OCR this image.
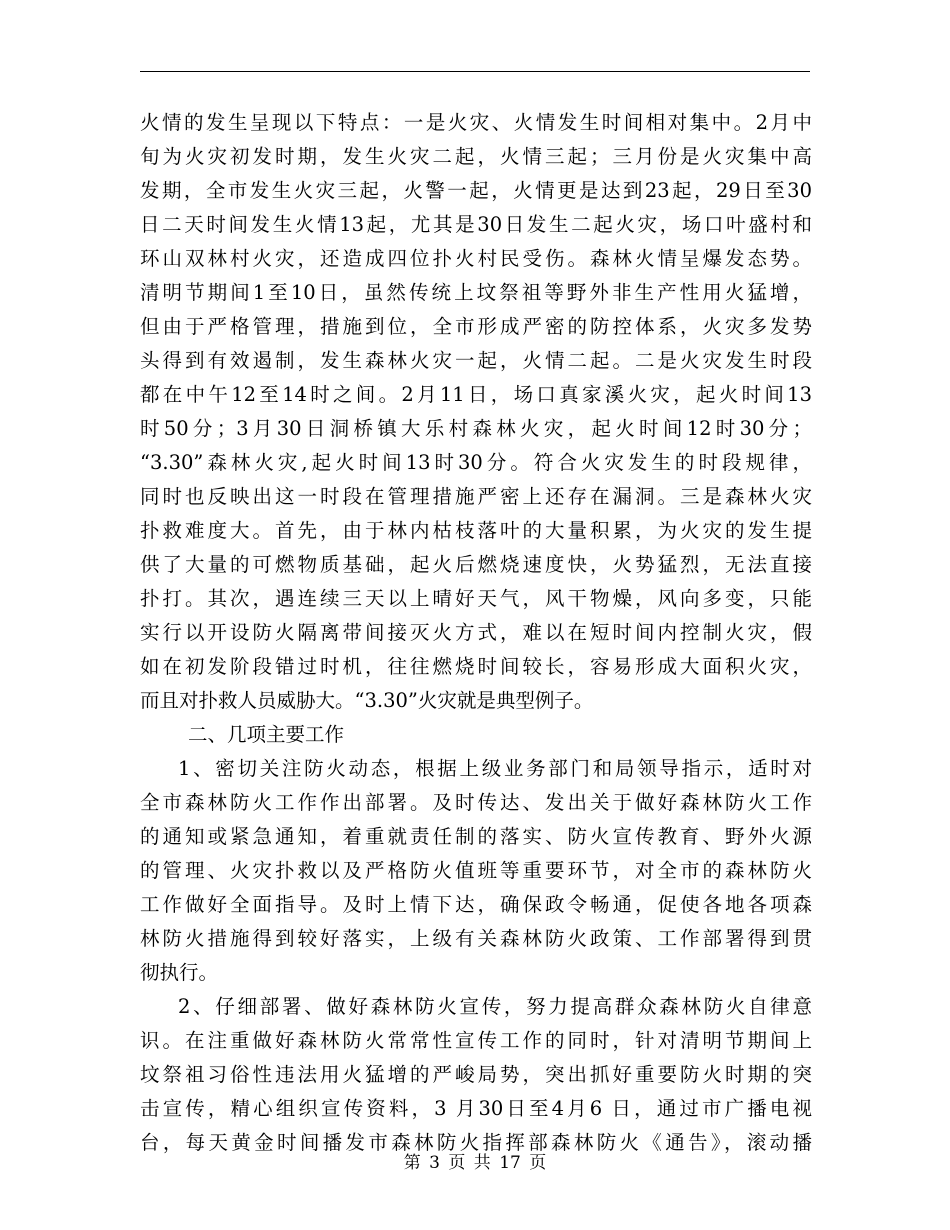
火情的发生呈现以下特点：一是火灾、火情发生时间相对集中。2月中
旬为火灾初发时期，发生火灾二起，火情三起；三月份是火灾集中高
发期，全市发生火灾三起，火警一起，火情更是达到23起，29日至30
日二天时间发生火情13起，尤其是30日发生二起火灾，场口叶盛村和
环山双林村火灾，还造成四位扑火村民受伤。森林火情呈爆发态势。
清明节期间1至10日，虽然传统上坟祭祖等野外非生产性用火猛增，
但由于严格管理，措施到位，全市形成严密的防控体系，火灾多发势
头得到有效遏制，发生森林火灾一起，火情二起。二是火灾发生时段
都在中午12至14时之间。2月11日，场口真家溪火灾，起火时间13
时50分；3月30日洞桥镇大乐村森林火灾，起火时间12时30分；
“3.30”森林火灾,起火时间13时30分。符合火灾发生的时段规律，
同时也反映出这一时段在管理措施严密上还存在漏洞。三是森林火灾
扑救难度大。首先，由于林内枯枝落叶的大量积累，为火灾的发生提
供了大量的可燃物质基础，起火后燃烧速度快，火势猛烈，无法直接
扑打。其次，遇连续三天以上晴好天气，风干物燥，风向多变，只能
实行以开设防火隔离带间接灭火方式，难以在短时间内控制火灾，假
如在初发阶段错过时机，往往燃烧时间较长，容易形成大面积火灾，
而且对扑救人员威胁大。“3.30”火灾就是典型例子。
二、几项主要工作
1、密切关注防火动态，根据上级业务部门和局领导指示，适时对
全市森林防火工作作出部署。及时传达、发出关于做好森林防火工作
的通知或紧急通知，着重就责任制的落实、防火宣传教育、野外火源
的管理、火灾扑救以及严格防火值班等重要环节，对全市的森林防火
工作做好全面指导。及时上情下达，确保政令畅通，促使各地各项森
林防火措施得到较好落实，上级有关森林防火政策、工作部署得到贯
彻执行。
2、仔细部署、做好森林防火宣传，努力提高群众森林防火自律意
识。在注重做好森林防火常常性宣传工作的同时，针对清明节期间上
坟祭祖习俗性违法用火猛增的严峻局势，突出抓好重要防火时期的突
击宣传，精心组织宣传资料，3 月30日至4月6 日，通过市广播电视
台，每天黄金时间播发市森林防火指挥部森林防火《通告》，滚动播
第 3 页 共 17 页
